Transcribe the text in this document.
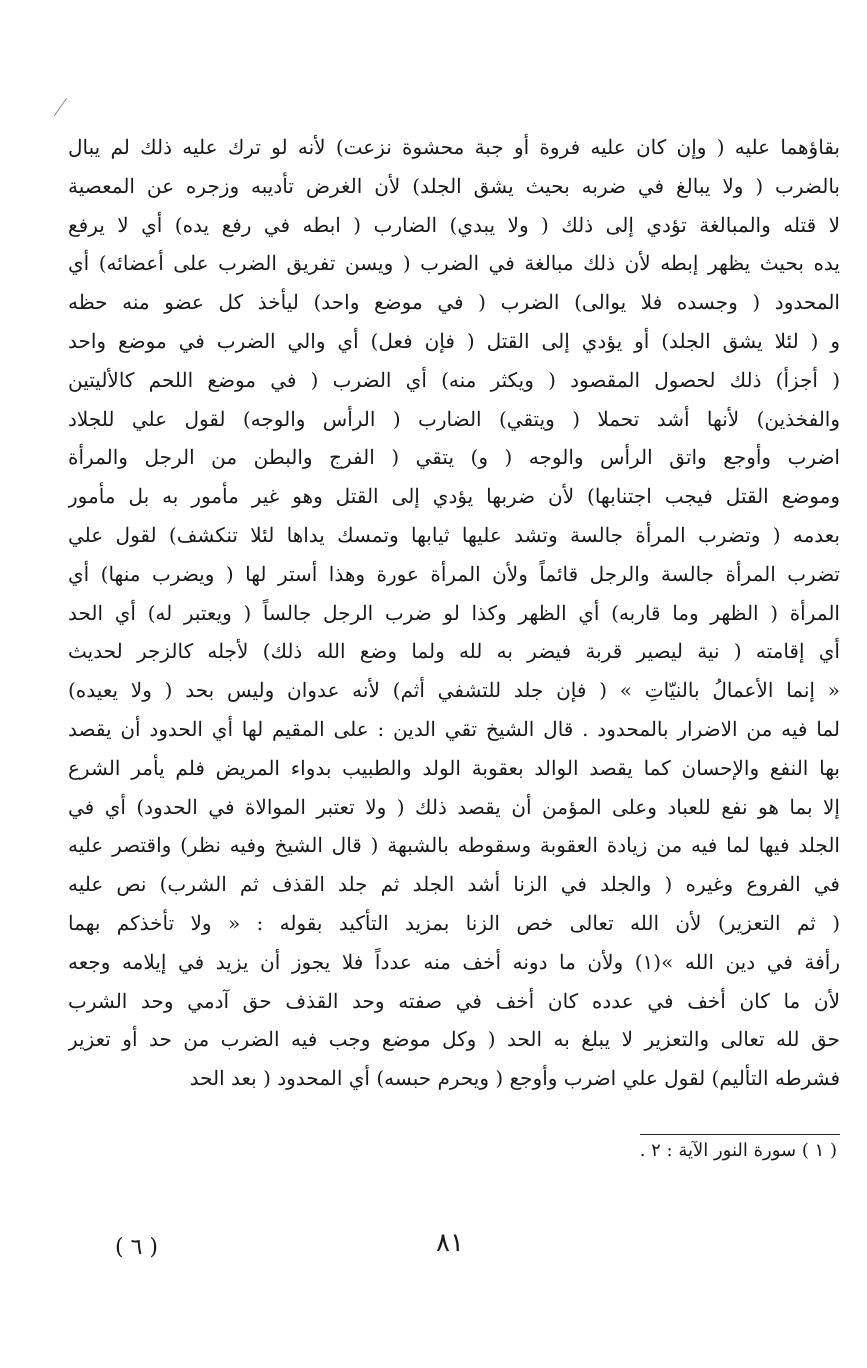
بقاؤهما عليه ( وإن كان عليه فروة أو جبة محشوة نزعت) لأنه لو ترك عليه ذلك لم يبال
بالضرب ( ولا يبالغ في ضربه بحيث يشق الجلد) لأن الغرض تأديبه وزجره عن المعصية
لا قتله والمبالغة تؤدي إلى ذلك ( ولا يبدي) الضارب ( ابطه في رفع يده) أي لا يرفع
يده بحيث يظهر إبطه لأن ذلك مبالغة في الضرب ( ويسن تفريق الضرب على أعضائه) أي
المحدود ( وجسده فلا يوالى) الضرب ( في موضع واحد) ليأخذ كل عضو منه حظه
و ( لئلا يشق الجلد) أو يؤدي إلى القتل ( فإن فعل) أي والي الضرب في موضع واحد
( أجزأ) ذلك لحصول المقصود ( ويكثر منه) أي الضرب ( في موضع اللحم كالأليتين
والفخذين) لأنها أشد تحملا ( ويتقي) الضارب ( الرأس والوجه) لقول علي للجلاد
اضرب وأوجع واتق الرأس والوجه ( و) يتقي ( الفرج والبطن من الرجل والمرأة
وموضع القتل فيجب اجتنابها) لأن ضربها يؤدي إلى القتل وهو غير مأمور به بل مأمور
بعدمه ( وتضرب المرأة جالسة وتشد عليها ثيابها وتمسك يداها لئلا تنكشف) لقول علي
تضرب المرأة جالسة والرجل قائماً ولأن المرأة عورة وهذا أستر لها ( ويضرب منها) أي
المرأة ( الظهر وما قاربه) أي الظهر وكذا لو ضرب الرجل جالساً ( ويعتبر له) أي الحد
أي إقامته ( نية ليصير قربة فيضر به لله ولما وضع الله ذلك) لأجله كالزجر لحديث
« إنما الأعمالُ بالنيّاتِ » ( فإن جلد للتشفي أثم) لأنه عدوان وليس بحد ( ولا يعيده)
لما فيه من الاضرار بالمحدود . قال الشيخ تقي الدين : على المقيم لها أي الحدود أن يقصد
بها النفع والإحسان كما يقصد الوالد بعقوبة الولد والطبيب بدواء المريض فلم يأمر الشرع
إلا بما هو نفع للعباد وعلى المؤمن أن يقصد ذلك ( ولا تعتبر الموالاة في الحدود) أي في
الجلد فيها لما فيه من زيادة العقوبة وسقوطه بالشبهة ( قال الشيخ وفيه نظر) واقتصر عليه
في الفروع وغيره ( والجلد في الزنا أشد الجلد ثم جلد القذف ثم الشرب) نص عليه
( ثم التعزير) لأن الله تعالى خص الزنا بمزيد التأكيد بقوله : « ولا تأخذكم بهما
رأفة في دين الله »(١) ولأن ما دونه أخف منه عدداً فلا يجوز أن يزيد في إيلامه وجعه
لأن ما كان أخف في عدده كان أخف في صفته وحد القذف حق آدمي وحد الشرب
حق لله تعالى والتعزير لا يبلغ به الحد ( وكل موضع وجب فيه الضرب من حد أو تعزير
فشرطه التأليم) لقول علي اضرب وأوجع ( ويحرم حبسه) أي المحدود ( بعد الحد
( ١ ) سورة النور الآية : ٢ .
٨١
( ٦ )
